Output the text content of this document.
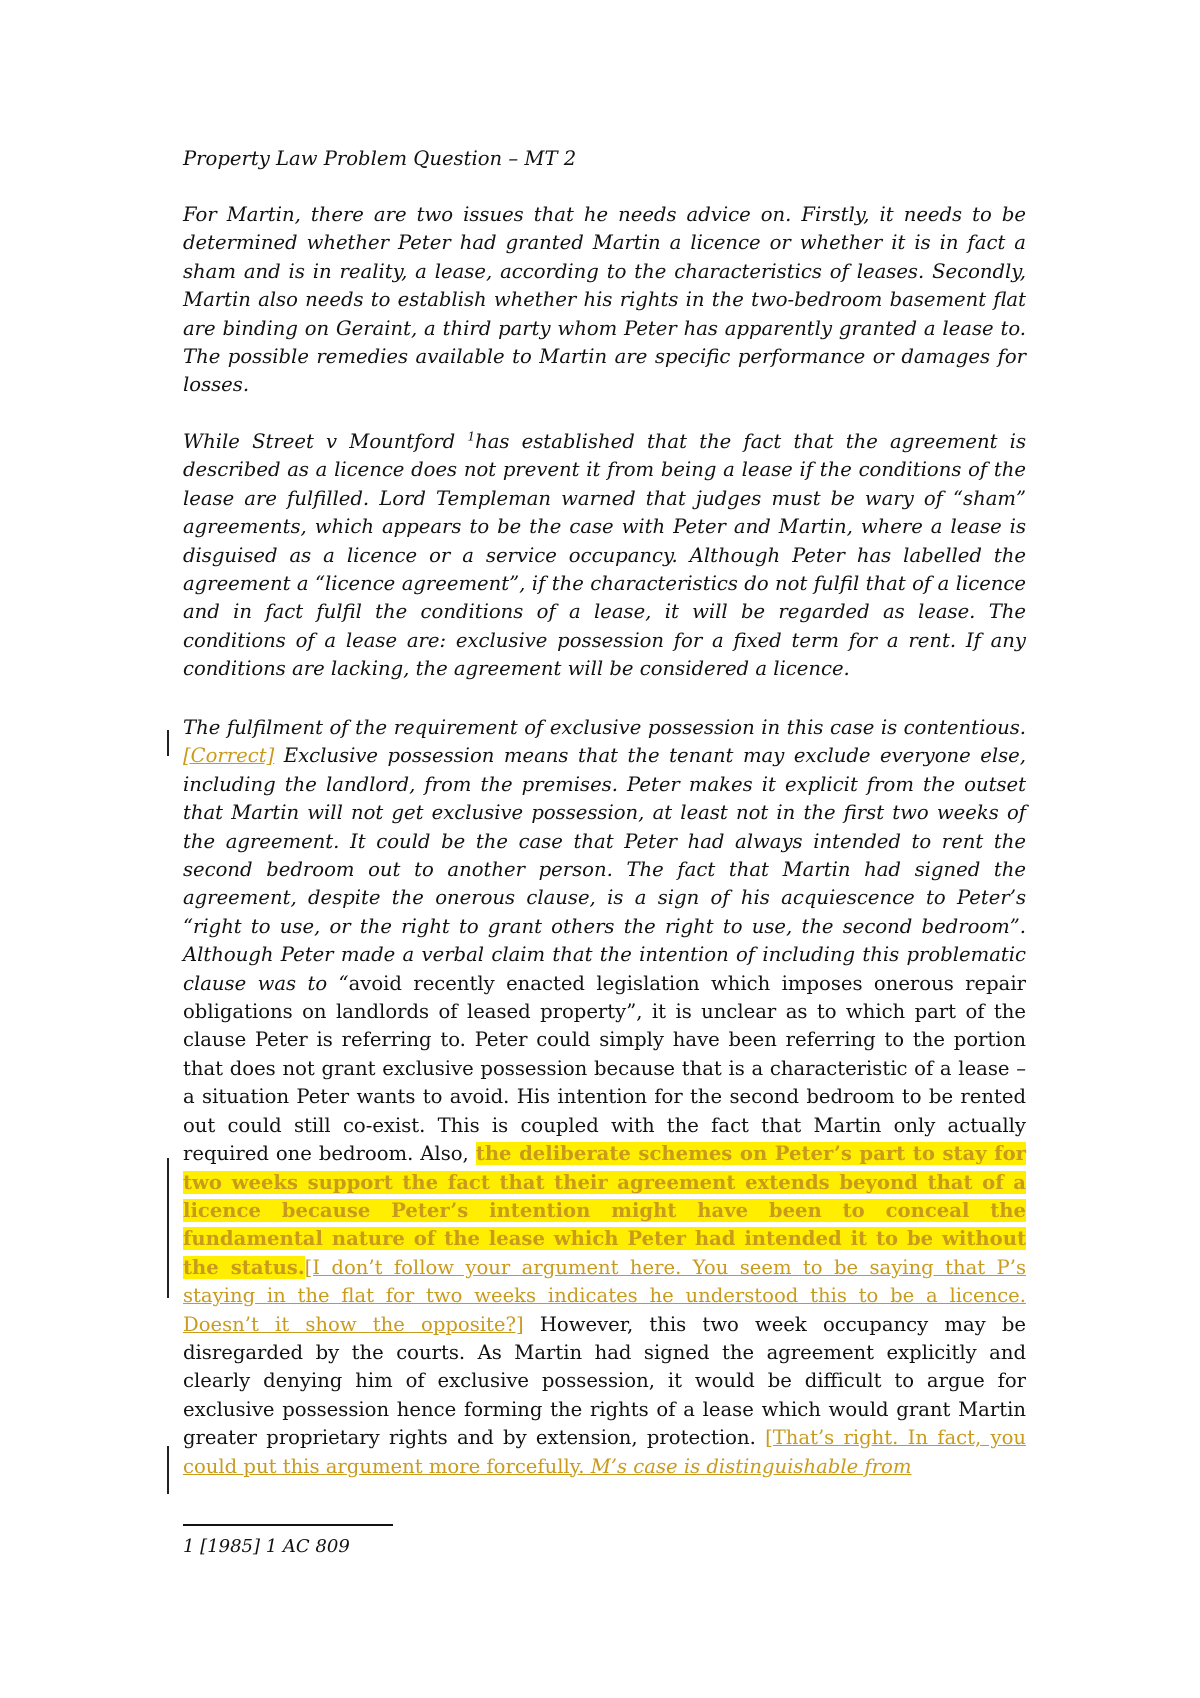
Property Law Problem Question – MT 2

For Martin, there are two issues that he needs advice on. Firstly, it needs to be determined whether Peter had granted Martin a licence or whether it is in fact a sham and is in reality, a lease, according to the characteristics of leases. Secondly, Martin also needs to establish whether his rights in the two-bedroom basement flat are binding on Geraint, a third party whom Peter has apparently granted a lease to. The possible remedies available to Martin are specific performance or damages for losses.

While Street v Mountford $^1$has established that the fact that the agreement is described as a licence does not prevent it from being a lease if the conditions of the lease are fulfilled. Lord Templeman warned that judges must be wary of “sham” agreements, which appears to be the case with Peter and Martin, where a lease is disguised as a licence or a service occupancy. Although Peter has labelled the agreement a “licence agreement”, if the characteristics do not fulfil that of a licence and in fact fulfil the conditions of a lease, it will be regarded as lease. The conditions of a lease are: exclusive possession for a fixed term for a rent. If any conditions are lacking, the agreement will be considered a licence.

The fulfilment of the requirement of exclusive possession in this case is contentious. [Correct] Exclusive possession means that the tenant may exclude everyone else, including the landlord, from the premises. Peter makes it explicit from the outset that Martin will not get exclusive possession, at least not in the first two weeks of the agreement. It could be the case that Peter had always intended to rent the second bedroom out to another person. The fact that Martin had signed the agreement, despite the onerous clause, is a sign of his acquiescence to Peter’s “right to use, or the right to grant others the right to use, the second bedroom”. Although Peter made a verbal claim that the intention of including this problematic clause was to “avoid recently enacted legislation which imposes onerous repair obligations on landlords of leased property”, it is unclear as to which part of the clause Peter is referring to. Peter could simply have been referring to the portion that does not grant exclusive possession because that is a characteristic of a lease – a situation Peter wants to avoid. His intention for the second bedroom to be rented out could still co-exist. This is coupled with the fact that Martin only actually required one bedroom. Also, the deliberate schemes on Peter’s part to stay for two weeks support the fact that their agreement extends beyond that of a licence because Peter’s intention might have been to conceal the fundamental nature of the lease which Peter had intended it to be without the status.[I don’t follow your argument here. You seem to be saying that P’s staying in the flat for two weeks indicates he understood this to be a licence. Doesn’t it show the opposite?] However, this two week occupancy may be disregarded by the courts. As Martin had signed the agreement explicitly and clearly denying him of exclusive possession, it would be difficult to argue for exclusive possession hence forming the rights of a lease which would grant Martin greater proprietary rights and by extension, protection. [That’s right. In fact, you could put this argument more forcefully. M’s case is distinguishable from

1 [1985] 1 AC 809
